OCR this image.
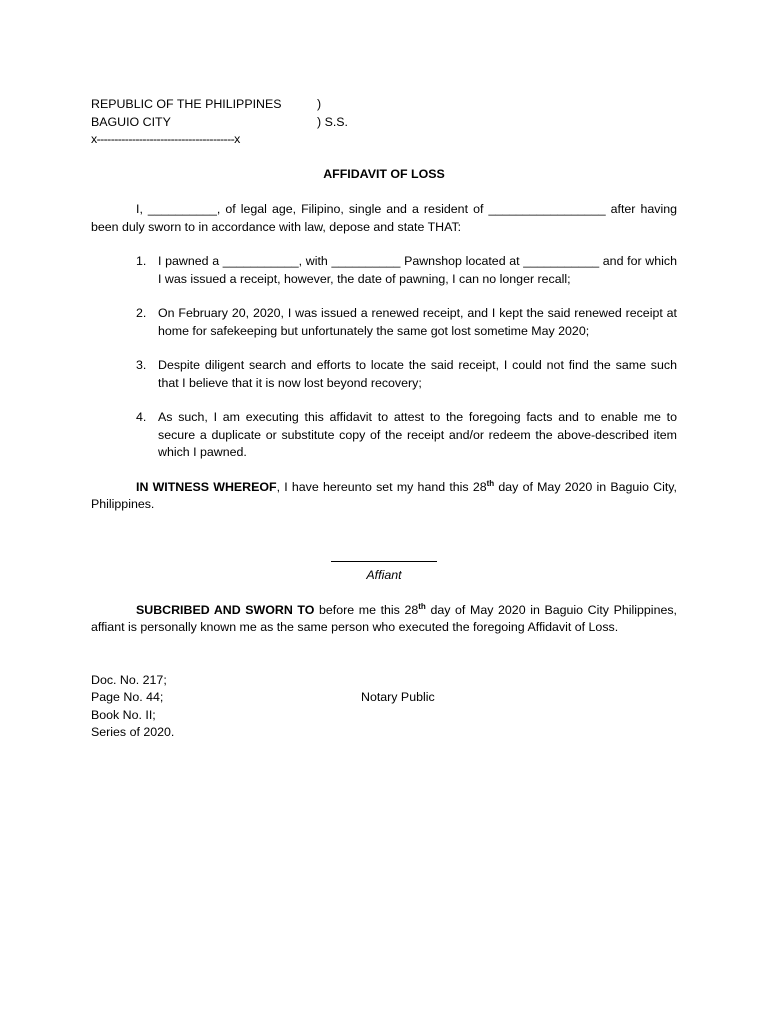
REPUBLIC OF THE PHILIPPINES	)
BAGUIO CITY	) S.S.
x---------------------------------------x
AFFIDAVIT OF LOSS
I, __________, of legal age, Filipino, single and a resident of _________________ after having been duly sworn to in accordance with law, depose and state THAT:
1. I pawned a ___________, with __________ Pawnshop located at ___________ and for which I was issued a receipt, however, the date of pawning, I can no longer recall;
2. On February 20, 2020, I was issued a renewed receipt, and I kept the said renewed receipt at home for safekeeping but unfortunately the same got lost sometime May 2020;
3. Despite diligent search and efforts to locate the said receipt, I could not find the same such that I believe that it is now lost beyond recovery;
4. As such, I am executing this affidavit to attest to the foregoing facts and to enable me to secure a duplicate or substitute copy of the receipt and/or redeem the above-described item which I pawned.
IN WITNESS WHEREOF, I have hereunto set my hand this 28th day of May 2020 in Baguio City, Philippines.
Affiant
SUBCRIBED AND SWORN TO before me this 28th day of May 2020 in Baguio City Philippines, affiant is personally known me as the same person who executed the foregoing Affidavit of Loss.
Doc. No. 217;
Page No. 44;
Book No. II;
Series of 2020.
Notary Public
